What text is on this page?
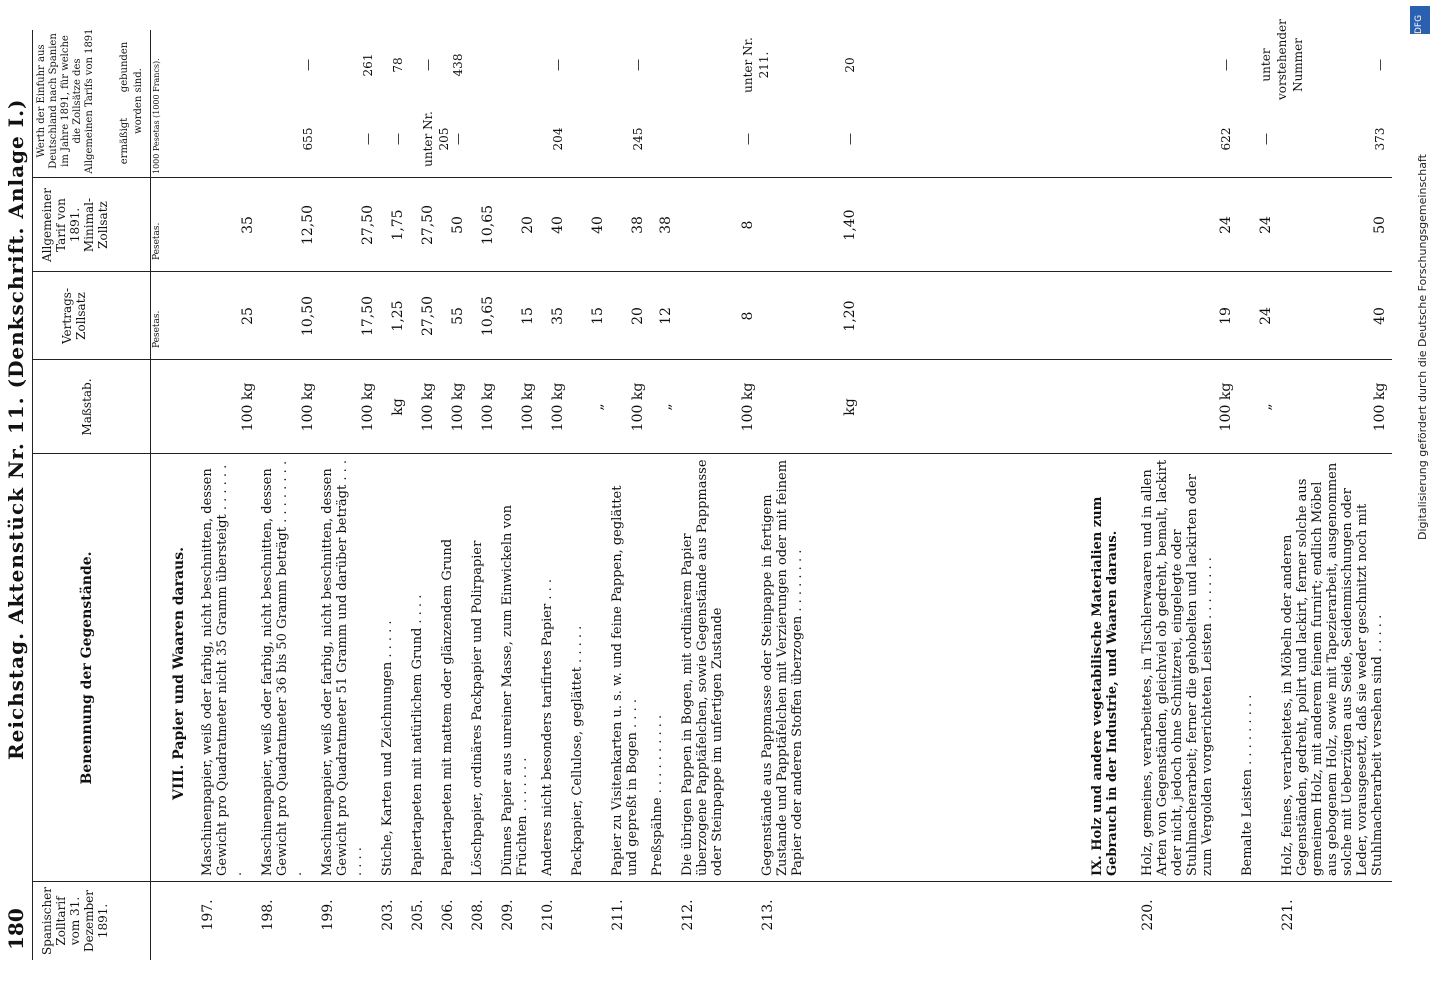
180
Reichstag. Aktenstück Nr. 11. (Denkschrift. Anlage I.)
Spanischer Zolltarif vom 31. Dezember 1891.
Benennung der Gegenstände.
Maßstab.
Vertrags-Zollsatz
Allgemeiner Tarif von 1891. Minimal-Zollsatz
Werth der Einfuhr aus Deutschland nach Spanien im Jahre 1891, für welche die Zollsätze des Allgemeinen Tarifs von 1891 ermäßigt
gebunden
worden sind.
Pesetas.
Pesetas.
1000 Pesetas (1000 Francs).
VIII. Papier und Waaren daraus.
197.
Maschinenpapier, weiß oder farbig, nicht beschnitten, dessen Gewicht pro Quadratmeter nicht 35 Gramm übersteigt . . . . . . .
100 kg
25
35
198.
Maschinenpapier, weiß oder farbig, nicht beschnitten, dessen Gewicht pro Quadratmeter 36 bis 50 Gramm beträgt . . . . . . . . .
100 kg
10,50
12,50
655
—
199.
Maschinenpapier, weiß oder farbig, nicht beschnitten, dessen Gewicht pro Quadratmeter 51 Gramm und darüber beträgt . . . . . . .
100 kg
17,50
27,50
—
261
203.
Stiche, Karten und Zeichnungen . . . . .
kg
1,25
1,75
—
78
205.
Papiertapeten mit natürlichem Grund . . . .
100 kg
27,50
27,50
unter Nr. 205
—
206.
Papiertapeten mit mattem oder glänzendem Grund
100 kg
55
50
—
438
208.
Löschpapier, ordinäres Packpapier und Polirpapier
100 kg
10,65
10,65
209.
Dünnes Papier aus unreiner Masse, zum Einwickeln von Früchten . . . . . . .
100 kg
15
20
210.
Anderes nicht besonders tarifirtes Papier . . .
100 kg
35
40
204
—
Packpapier, Cellulose, geglättet . . . . .
„
15
40
211.
Papier zu Visitenkarten u. s. w. und feine Pappen, geglättet und gepreßt in Bogen . . . .
100 kg
20
38
245
—
Preßspähne . . . . . . . . . .
„
12
38
212.
Die übrigen Pappen in Bogen, mit ordinärem Papier überzogene Papptäfelchen, sowie Gegenstände aus Pappmasse oder Steinpappe im unfertigen Zustande
100 kg
8
8
—
unter Nr. 211.
213.
Gegenstände aus Pappmasse oder Steinpappe in fertigem Zustande und Papptäfelchen mit Verzierungen oder mit feinem Papier oder anderen Stoffen überzogen . . . . . . . .
kg
1,20
1,40
—
20
220.
Holz, gemeines, verarbeitetes, in Tischlerwaaren und in allen Arten von Gegenständen, gleichviel ob gedreht, bemalt, lackirt oder nicht, jedoch ohne Schnitzerei, eingelegte oder Stuhlmacherarbeit; ferner die gehobelten und lackirten oder zum Vergolden vorgerichteten Leisten . . . . . . . .
100 kg
19
24
622
—
Bemalte Leisten . . . . . . . . .
„
24
24
—
unter vorstehender Nummer
221.
Holz, feines, verarbeitetes, in Möbeln oder anderen Gegenständen, gedreht, polirt und lackirt, ferner solche aus gemeinem Holz, mit anderem feinem furnirt; endlich Möbel aus gebogenem Holz, sowie mit Tapezierarbeit, ausgenommen solche mit Ueberzügen aus Seide, Seidenmischungen oder Leder, vorausgesetzt, daß sie weder geschnitzt noch mit Stuhlmacherarbeit versehen sind . . . . .
100 kg
40
50
373
—
IX. Holz und andere vegetabilische Materialien zum Gebrauch in der Industrie, und Waaren daraus.
Digitalisierung gefördert durch die Deutsche Forschungsgemeinschaft
DFG
